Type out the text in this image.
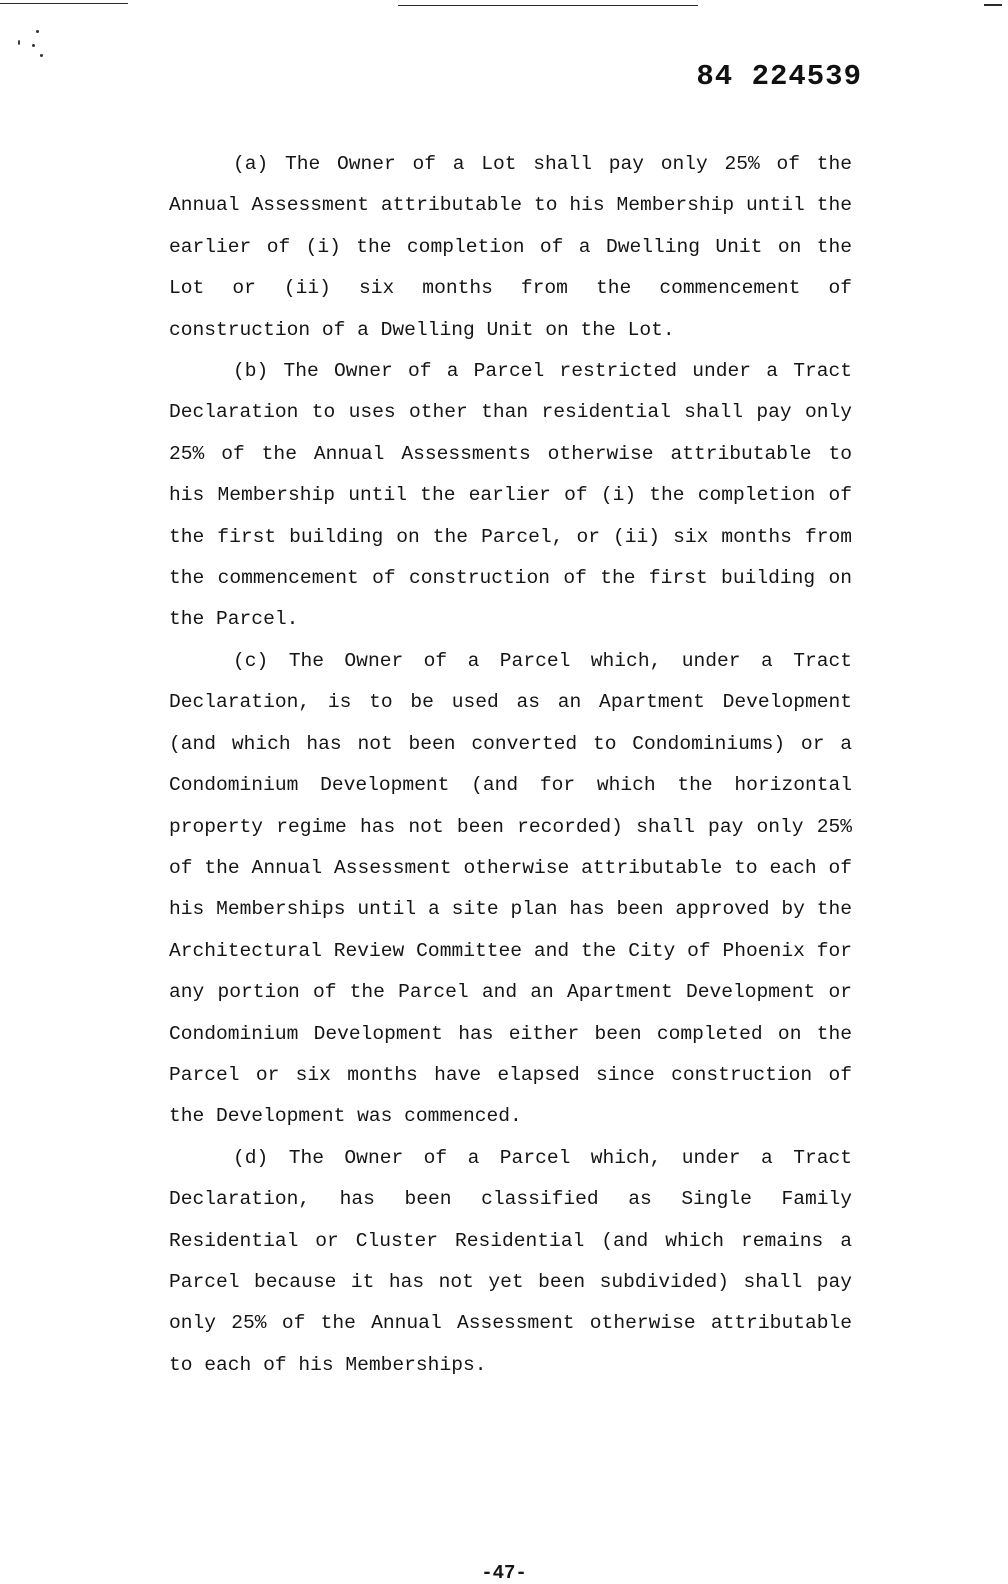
84 224539

(a) The Owner of a Lot shall pay only 25% of the Annual Assessment attributable to his Membership until the earlier of (i) the completion of a Dwelling Unit on the Lot or (ii) six months from the commencement of construction of a Dwelling Unit on the Lot.

(b) The Owner of a Parcel restricted under a Tract Declaration to uses other than residential shall pay only 25% of the Annual Assessments otherwise attributable to his Membership until the earlier of (i) the completion of the first building on the Parcel, or (ii) six months from the commencement of construction of the first building on the Parcel.

(c) The Owner of a Parcel which, under a Tract Declaration, is to be used as an Apartment Development (and which has not been converted to Condominiums) or a Condominium Development (and for which the horizontal property regime has not been recorded) shall pay only 25% of the Annual Assessment otherwise attributable to each of his Memberships until a site plan has been approved by the Architectural Review Committee and the City of Phoenix for any portion of the Parcel and an Apartment Development or Condominium Development has either been completed on the Parcel or six months have elapsed since construction of the Development was commenced.

(d) The Owner of a Parcel which, under a Tract Declaration, has been classified as Single Family Residential or Cluster Residential (and which remains a Parcel because it has not yet been subdivided) shall pay only 25% of the Annual Assessment otherwise attributable to each of his Memberships.

-47-
